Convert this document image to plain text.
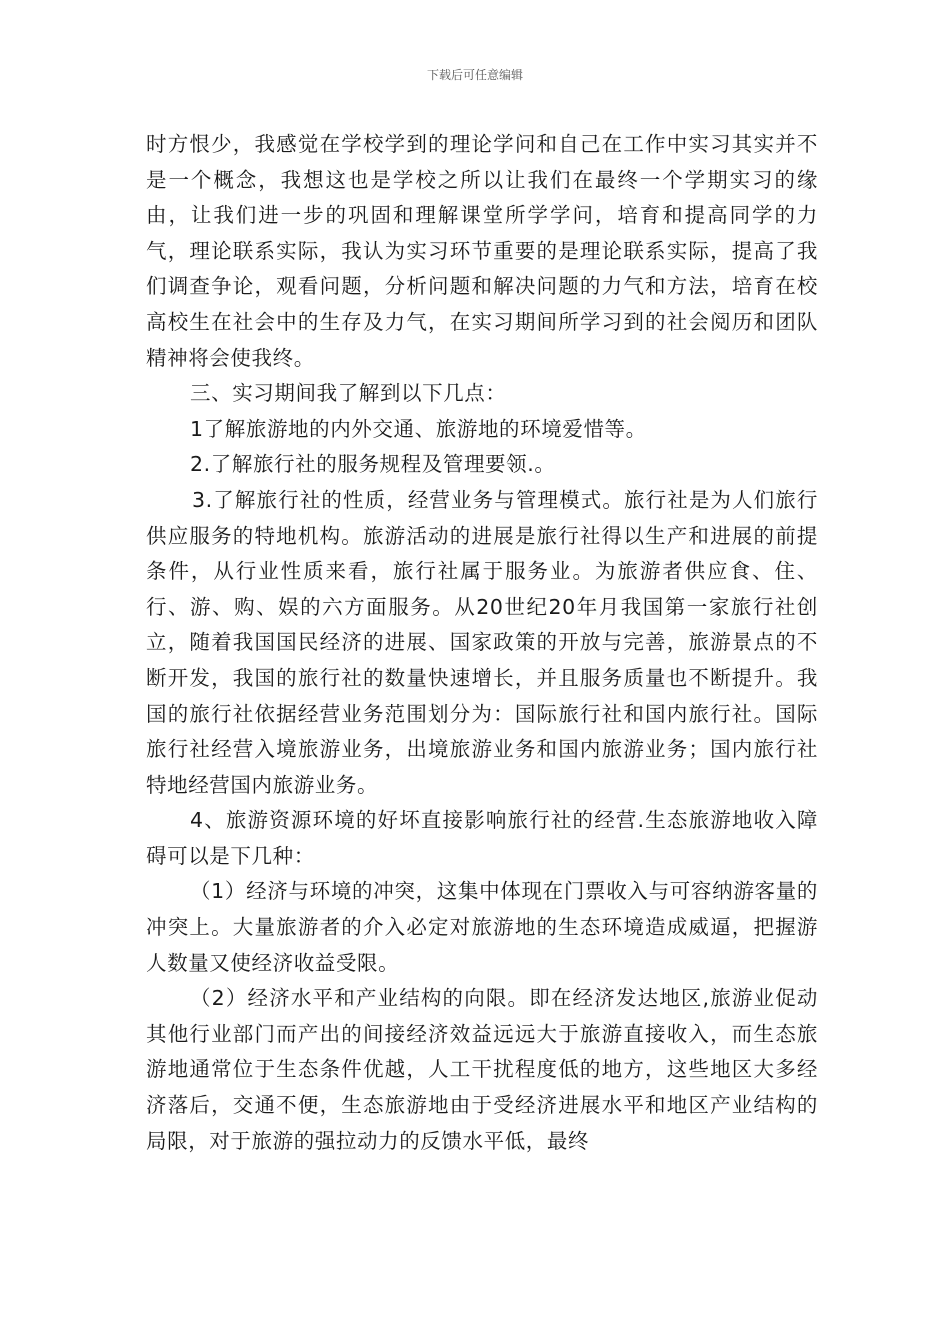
下载后可任意编辑

时方恨少，我感觉在学校学到的理论学问和自己在工作中实习其实并不是一个概念，我想这也是学校之所以让我们在最终一个学期实习的缘由，让我们进一步的巩固和理解课堂所学学问，培育和提高同学的力气，理论联系实际，我认为实习环节重要的是理论联系实际，提高了我们调查争论，观看问题，分析问题和解决问题的力气和方法，培育在校高校生在社会中的生存及力气，在实习期间所学习到的社会阅历和团队精神将会使我终。

三、实习期间我了解到以下几点：

1了解旅游地的内外交通、旅游地的环境爱惜等。

2.了解旅行社的服务规程及管理要领.。

3.了解旅行社的性质，经营业务与管理模式。旅行社是为人们旅行供应服务的特地机构。旅游活动的进展是旅行社得以生产和进展的前提条件，从行业性质来看，旅行社属于服务业。为旅游者供应食、住、行、游、购、娱的六方面服务。从20世纪20年月我国第一家旅行社创立，随着我国国民经济的进展、国家政策的开放与完善，旅游景点的不断开发，我国的旅行社的数量快速增长，并且服务质量也不断提升。我国的旅行社依据经营业务范围划分为：国际旅行社和国内旅行社。国际旅行社经营入境旅游业务，出境旅游业务和国内旅游业务；国内旅行社特地经营国内旅游业务。

4、旅游资源环境的好坏直接影响旅行社的经营.生态旅游地收入障碍可以是下几种：

（1）经济与环境的冲突，这集中体现在门票收入与可容纳游客量的冲突上。大量旅游者的介入必定对旅游地的生态环境造成威逼，把握游人数量又使经济收益受限。

（2）经济水平和产业结构的向限。即在经济发达地区,旅游业促动其他行业部门而产出的间接经济效益远远大于旅游直接收入，而生态旅游地通常位于生态条件优越，人工干扰程度低的地方，这些地区大多经济落后，交通不便，生态旅游地由于受经济进展水平和地区产业结构的局限，对于旅游的强拉动力的反馈水平低，最终
